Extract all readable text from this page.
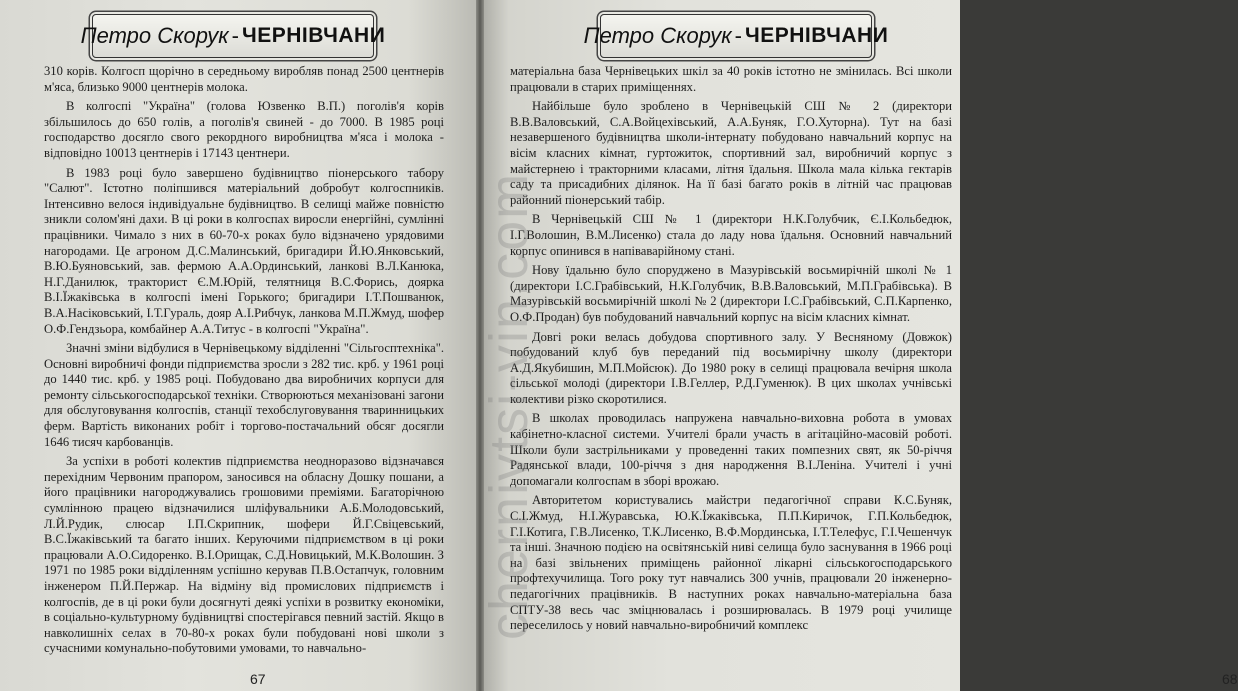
Петро Скорук - ЧЕРНІВЧАНИ
67
Петро Скорук - ЧЕРНІВЧАНИ
68

310 корів. Колгосп щорічно в середньому виробляв понад 2500 центнерів м'яса, близько 9000 центнерів молока.

В колгоспі "Україна" (голова Юзвенко В.П.) поголів'я корів збільшилось до 650 голів, а поголів'я свиней - до 7000. В 1985 році господарство досягло свого рекордного виробництва м'яса і молока - відповідно 10013 центнерів і 17143 центнери.

В 1983 році було завершено будівництво піонерського табору "Салют". Істотно поліпшився матеріальний добробут колгоспників. Інтенсивно велося індивідуальне будівництво. В селищі майже повністю зникли солом'яні дахи. В ці роки в колгоспах виросли енергійні, сумлінні працівники. Чимало з них в 60-70-х роках було відзначено урядовими нагородами. Це агроном Д.С.Малинський, бригадири Й.Ю.Янковський, В.Ю.Буяновський, зав. фермою А.А.Ординський, ланкові В.Л.Канюка, Н.Г.Данилюк, тракторист Є.М.Юрій, телятниця В.С.Форись, доярка В.І.Їжаківська в колгоспі імені Горького; бригадири І.Т.Пошванюк, В.А.Насіковський, І.Т.Гураль, дояр А.І.Рибчук, ланкова М.П.Жмуд, шофер О.Ф.Гендзьора, комбайнер А.А.Титус - в колгоспі "Україна".

Значні зміни відбулися в Чернівецькому відділенні "Сільгосптехніка". Основні виробничі фонди підприємства зросли з 282 тис. крб. у 1961 році до 1440 тис. крб. у 1985 році. Побудовано два виробничих корпуси для ремонту сільськогосподарської техніки. Створюються механізовані загони для обслуговування колгоспів, станції техобслуговування тваринницьких ферм. Вартість виконаних робіт і торгово-постачальний обсяг досягли 1646 тисяч карбованців.

За успіхи в роботі колектив підприємства неодноразово відзначався перехідним Червоним прапором, заносився на обласну Дошку пошани, а його працівники нагороджувались грошовими преміями. Багаторічною сумлінною працею відзначилися шліфувальники А.Б.Молодовський, Л.Й.Рудик, слюсар І.П.Скрипник, шофери Й.Г.Свіцевський, В.С.Їжаківський та багато інших. Керуючими підприємством в ці роки працювали А.О.Сидоренко. В.І.Орищак, С.Д.Новицький, М.К.Волошин. З 1971 по 1985 роки відділенням успішно керував П.В.Остапчук, головним інженером П.Й.Пержар. На відміну від промислових підприємств і колгоспів, де в ці роки були досягнуті деякі успіхи в розвитку економіки, в соціально-культурному будівництві спостерігався певний застій. Якщо в навколишніх селах в 70-80-х роках були побудовані нові школи з сучасними комунально-побутовими умовами, то навчально-

матеріальна база Чернівецьких шкіл за 40 років істотно не змінилась. Всі школи працювали в старих приміщеннях.

Найбільше було зроблено в Чернівецькій СШ № 2 (директори В.В.Валовський, С.А.Войцехівський, А.А.Буняк, Г.О.Хуторна). Тут на базі незавершеного будівництва школи-інтернату побудовано навчальний корпус на вісім класних кімнат, гуртожиток, спортивний зал, виробничий корпус з майстернею і тракторними класами, літня їдальня. Школа мала кілька гектарів саду та присадибних ділянок. На її базі багато років в літній час працював районний піонерський табір.

В Чернівецькій СШ № 1 (директори Н.К.Голубчик, Є.І.Кольбедюк, І.Г.Волошин, В.М.Лисенко) стала до ладу нова їдальня. Основний навчальний корпус опинився в напіваварійному стані.

Нову їдальню було споруджено в Мазурівській восьмирічній школі № 1 (директори І.С.Грабівський, Н.К.Голубчик, В.В.Валовський, М.П.Грабівська). В Мазурівській восьмирічній школі № 2 (директори І.С.Грабівський, С.П.Карпенко, О.Ф.Продан) був побудований навчальний корпус на вісім класних кімнат.

Довгі роки велась добудова спортивного залу. У Весняному (Довжок) побудований клуб був переданий під восьмирічну школу (директори А.Д.Якубишин, М.П.Мойсюк). До 1980 року в селищі працювала вечірня школа сільської молоді (директори І.В.Геллер, Р.Д.Гуменюк). В цих школах учнівські колективи різко скоротилися.

В школах проводилась напружена навчально-виховна робота в умовах кабінетно-класної системи. Учителі брали участь в агітаційно-масовій роботі. Школи були застрільниками у проведенні таких помпезних свят, як 50-річчя Радянської влади, 100-річчя з дня народження В.І.Леніна. Учителі і учні допомагали колгоспам в зборі врожаю.

Авторитетом користувались майстри педагогічної справи К.С.Буняк, С.І.Жмуд, Н.І.Журавська, Ю.К.Їжаківська, П.П.Киричок, Г.П.Кольбедюк, Г.І.Котига, Г.В.Лисенко, Т.К.Лисенко, В.Ф.Мординська, І.Т.Телефус, Г.І.Чешенчук та інші. Значною подією на освітянській ниві селища було заснування в 1966 році на базі звільнених приміщень районної лікарні сільськогосподарського профтехучилища. Того року тут навчались 300 учнів, працювали 20 інженерно-педагогічних працівників. В наступних роках навчально-матеріальна база СПТУ-38 весь час зміцнювалась і розширювалась. В 1979 році училище переселилось у новий навчально-виробничий комплекс

chernivtsi-vin.com
